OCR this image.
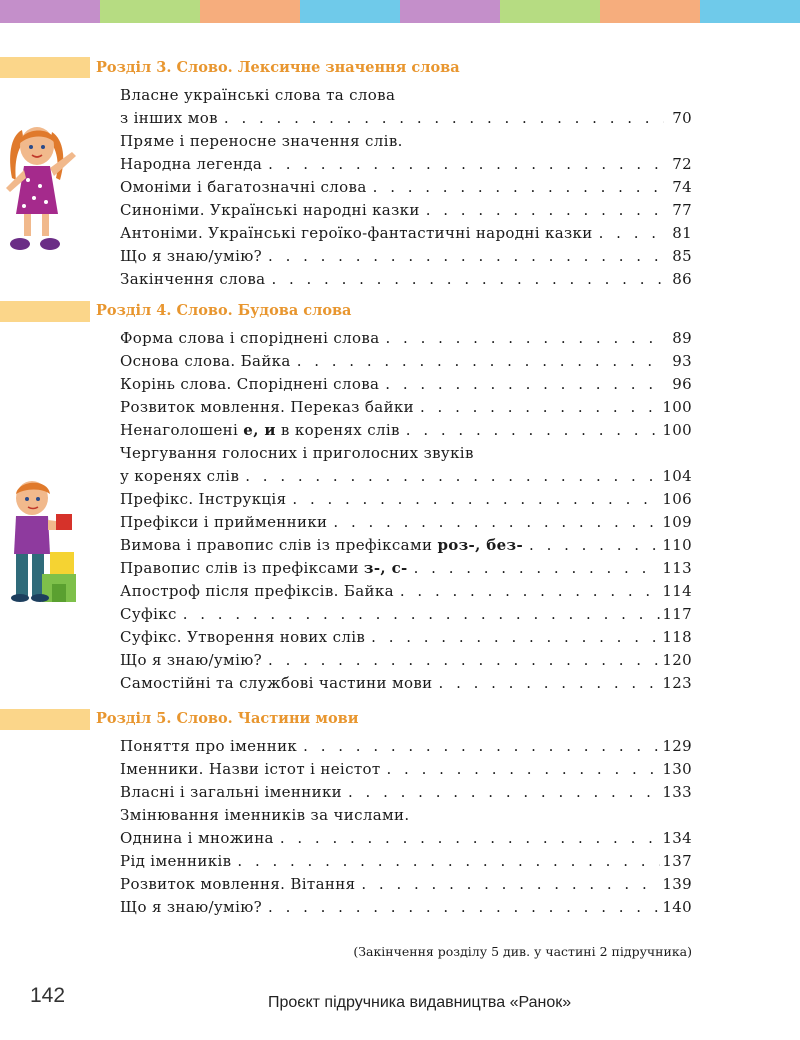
Розділ 3. Слово. Лексичне значення слова
Власне українські слова та слова
з інших мов . . .	70
Пряме і переносне значення слів.
Народна легенда . . .	72
Омоніми і багатозначні слова . . .	74
Синоніми. Українські народні казки . . .	77
Антоніми. Українські героїко-фантастичні народні казки . . .	81
Що я знаю/умію? . . .	85
Закінчення слова . . .	86
Розділ 4. Слово. Будова слова
Форма слова і споріднені слова . . .	89
Основа слова. Байка . . .	93
Корінь слова. Споріднені слова . . .	96
Розвиток мовлення. Переказ байки . . .	100
Ненаголошені е, и в коренях слів . . .	100
Чергування голосних і приголосних звуків
у коренях слів . . .	104
Префікс. Інструкція . . .	106
Префікси і прийменники . . .	109
Вимова і правопис слів із префіксами роз-, без- . . .	110
Правопис слів із префіксами з-, с- . . .	113
Апостроф після префіксів. Байка . . .	114
Суфікс . . .	117
Суфікс. Утворення нових слів . . .	118
Що я знаю/умію? . . .	120
Самостійні та службові частини мови . . .	123
Розділ 5. Слово. Частини мови
Поняття про іменник . . .	129
Іменники. Назви істот і неістот . . .	130
Власні і загальні іменники . . .	133
Змінювання іменників за числами.
Однина і множина . . .	134
Рід іменників . . .	137
Розвиток мовлення. Вітання . . .	139
Що я знаю/умію? . . .	140
(Закінчення розділу 5 див. у частині 2 підручника)
142	Проєкт підручника видавництва «Ранок»
